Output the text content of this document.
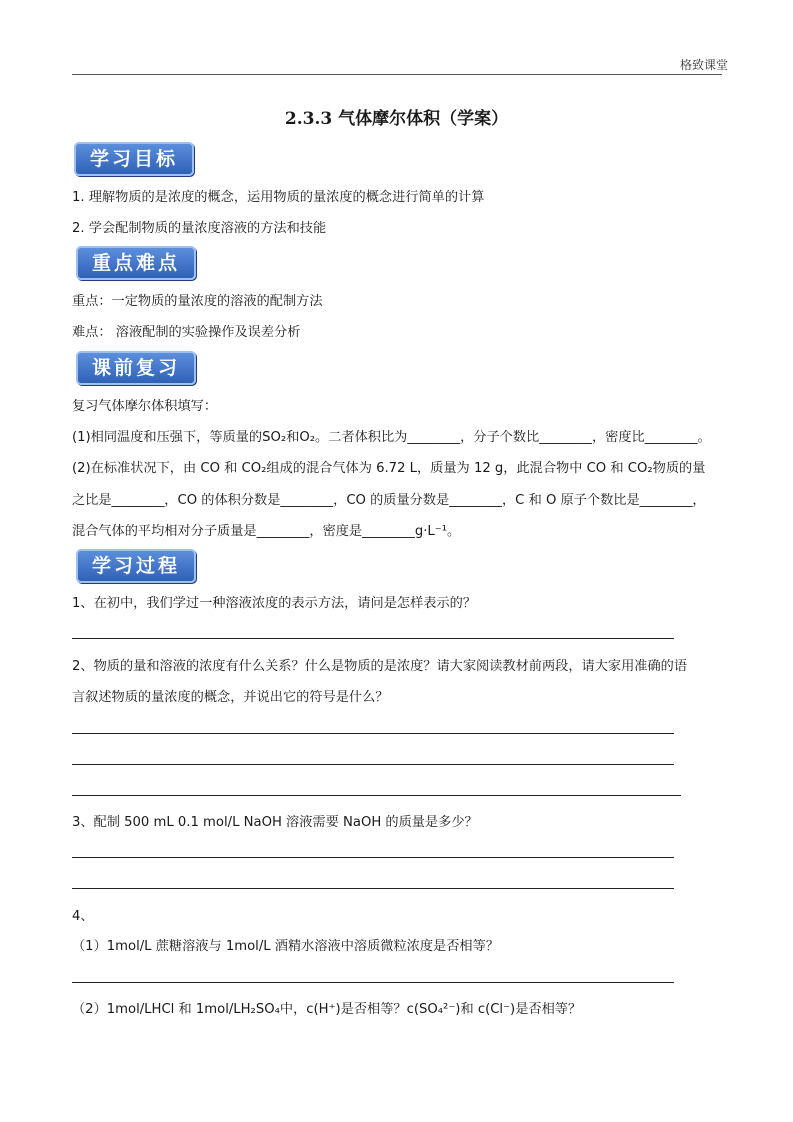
格致课堂
2.3.3 气体摩尔体积（学案）
学习目标
1. 理解物质的是浓度的概念，运用物质的量浓度的概念进行简单的计算
2. 学会配制物质的量浓度溶液的方法和技能
重点难点
重点：一定物质的量浓度的溶液的配制方法
难点： 溶液配制的实验操作及误差分析
课前复习
复习气体摩尔体积填写：
(1)相同温度和压强下，等质量的SO₂和O₂。二者体积比为________，分子个数比________，密度比________。
(2)在标准状况下，由 CO 和 CO₂组成的混合气体为 6.72 L，质量为 12 g，此混合物中 CO 和 CO₂物质的量
之比是________，CO 的体积分数是________，CO 的质量分数是________，C 和 O 原子个数比是________，
混合气体的平均相对分子质量是________，密度是________g·L⁻¹。
学习过程
1、在初中，我们学过一种溶液浓度的表示方法，请问是怎样表示的？
2、物质的量和溶液的浓度有什么关系？什么是物质的是浓度？请大家阅读教材前两段，请大家用准确的语
言叙述物质的量浓度的概念，并说出它的符号是什么？
3、配制 500 mL 0.1 mol/L NaOH 溶液需要 NaOH 的质量是多少？
4、
（1）1mol/L 蔗糖溶液与 1mol/L 酒精水溶液中溶质微粒浓度是否相等？
（2）1mol/LHCl 和 1mol/LH₂SO₄中，c(H⁺)是否相等？c(SO₄²⁻)和 c(Cl⁻)是否相等？
